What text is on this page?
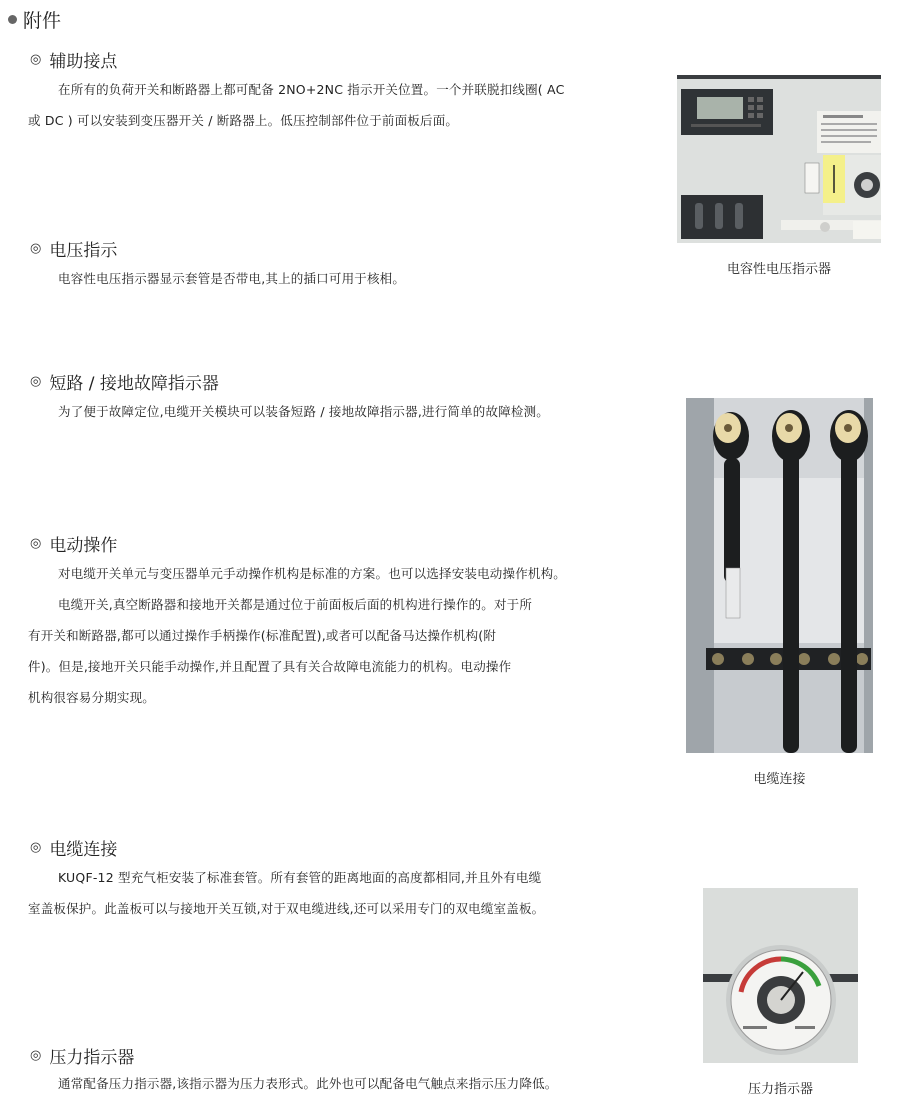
附件
◎ 辅助接点

在所有的负荷开关和断路器上都可配备 2NO+2NC 指示开关位置。一个并联脱扣线圈( AC

或 DC ) 可以安装到变压器开关 / 断路器上。低压控制部件位于前面板后面。

◎ 电压指示

电容性电压指示器显示套管是否带电,其上的插口可用于核相。

◎ 短路 / 接地故障指示器

为了便于故障定位,电缆开关模块可以装备短路 / 接地故障指示器,进行简单的故障检测。

◎ 电动操作

对电缆开关单元与变压器单元手动操作机构是标准的方案。也可以选择安装电动操作机构。

电缆开关,真空断路器和接地开关都是通过位于前面板后面的机构进行操作的。对于所

有开关和断路器,都可以通过操作手柄操作(标准配置),或者可以配备马达操作机构(附

件)。但是,接地开关只能手动操作,并且配置了具有关合故障电流能力的机构。电动操作

机构很容易分期实现。

◎ 电缆连接

KUQF-12 型充气柜安装了标准套管。所有套管的距离地面的高度都相同,并且外有电缆

室盖板保护。此盖板可以与接地开关互锁,对于双电缆进线,还可以采用专门的双电缆室盖板。

◎ 压力指示器

通常配备压力指示器,该指示器为压力表形式。此外也可以配备电气触点来指示压力降低。

电容性电压指示器
电缆连接
压力指示器
